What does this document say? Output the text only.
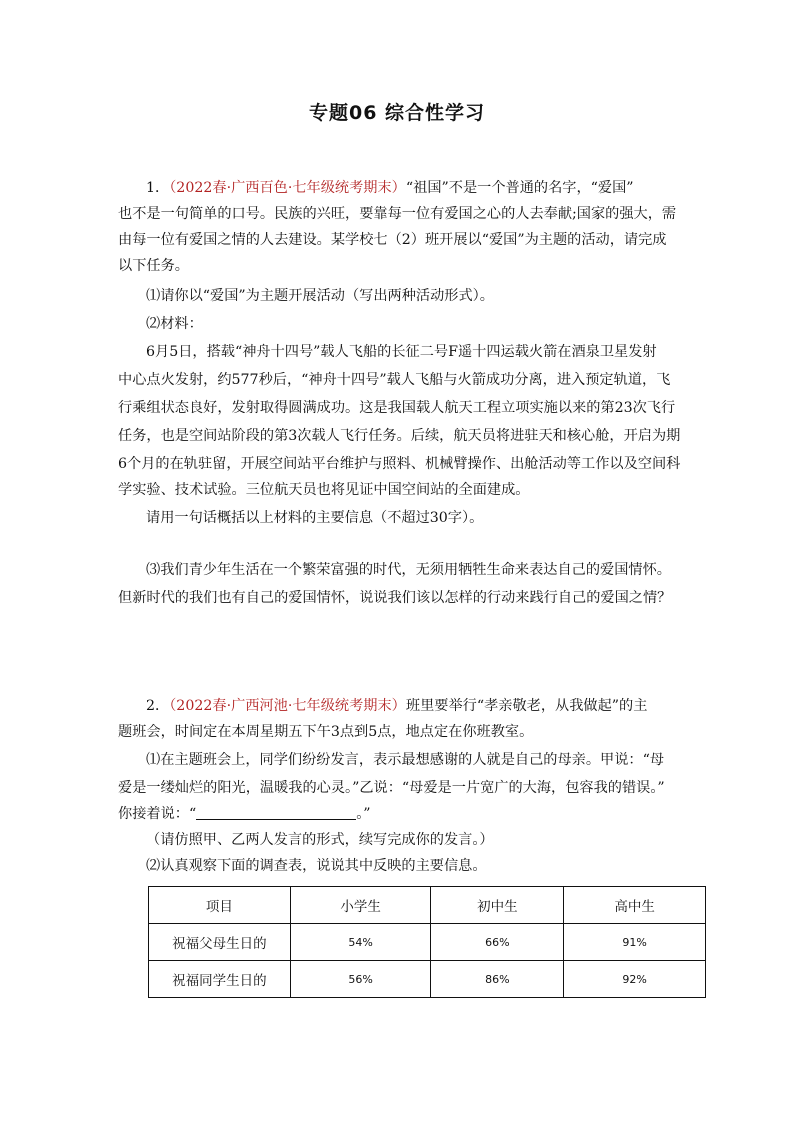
专题06 综合性学习
1．（2022春·广西百色·七年级统考期末）“祖国”不是一个普通的名字，“爱国”
也不是一句简单的口号。民族的兴旺，要靠每一位有爱国之心的人去奉献;国家的强大，需
由每一位有爱国之情的人去建设。某学校七（2）班开展以“爱国”为主题的活动，请完成
以下任务。
⑴请你以“爱国”为主题开展活动（写出两种活动形式）。
⑵材料：
6月5日，搭载“神舟十四号”载人飞船的长征二号F遥十四运载火箭在酒泉卫星发射
中心点火发射，约577秒后，“神舟十四号”载人飞船与火箭成功分离，进入预定轨道，飞
行乘组状态良好，发射取得圆满成功。这是我国载人航天工程立项实施以来的第23次飞行
任务，也是空间站阶段的第3次载人飞行任务。后续，航天员将进驻天和核心舱，开启为期
6个月的在轨驻留，开展空间站平台维护与照料、机械臂操作、出舱活动等工作以及空间科
学实验、技术试验。三位航天员也将见证中国空间站的全面建成。
请用一句话概括以上材料的主要信息（不超过30字）。
⑶我们青少年生活在一个繁荣富强的时代，无须用牺牲生命来表达自己的爱国情怀。
但新时代的我们也有自己的爱国情怀，说说我们该以怎样的行动来践行自己的爱国之情？
2．（2022春·广西河池·七年级统考期末）班里要举行“孝亲敬老，从我做起”的主
题班会，时间定在本周星期五下午3点到5点，地点定在你班教室。
⑴在主题班会上，同学们纷纷发言，表示最想感谢的人就是自己的母亲。甲说：“母
爱是一缕灿烂的阳光，温暖我的心灵。”乙说：“母爱是一片宽广的大海，包容我的错误。”
你接着说：“	。”
（请仿照甲、乙两人发言的形式，续写完成你的发言。）
⑵认真观察下面的调查表，说说其中反映的主要信息。
项目	小学生	初中生	高中生
祝福父母生日的	54%	66%	91%
祝福同学生日的	56%	86%	92%
